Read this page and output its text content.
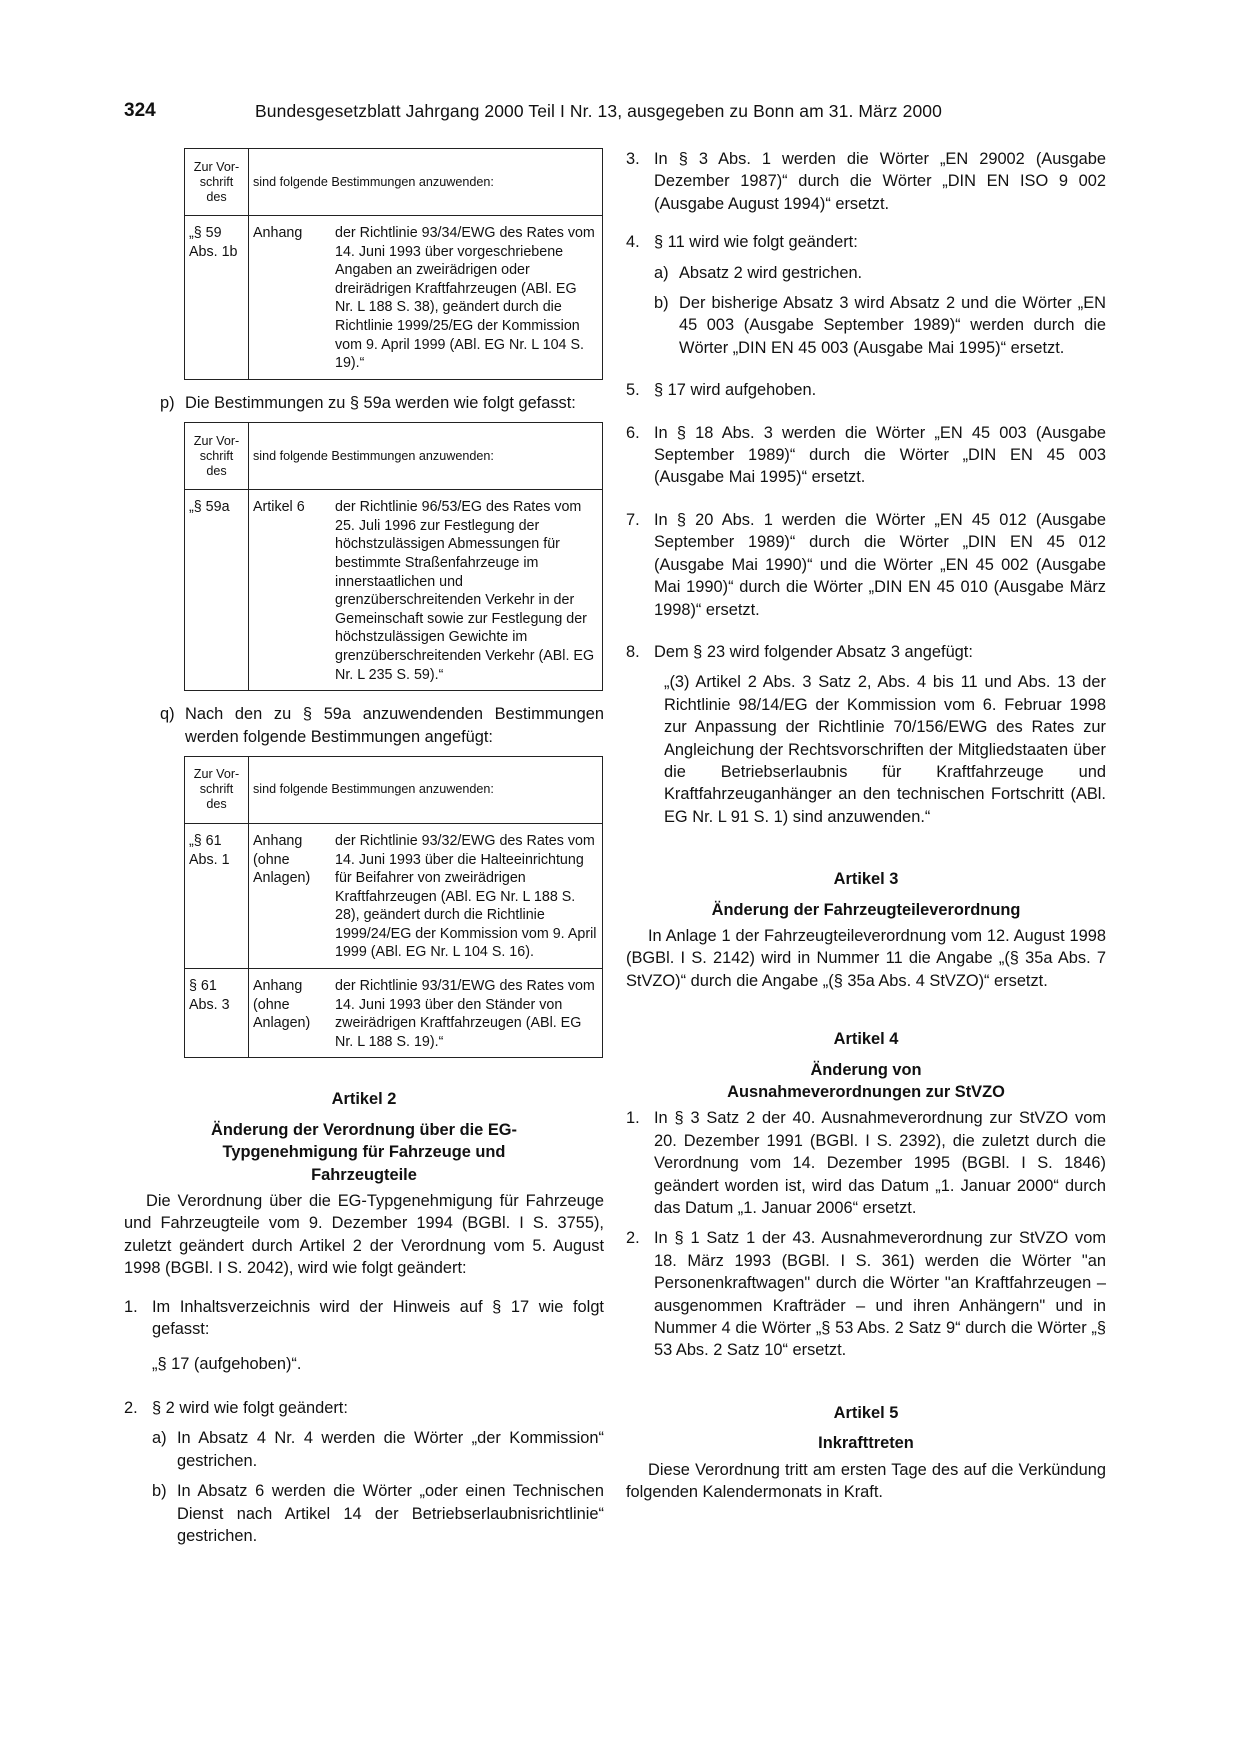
324	Bundesgesetzblatt Jahrgang 2000 Teil I Nr. 13, ausgegeben zu Bonn am 31. März 2000
Zur Vor- schrift des	sind folgende Bestimmungen anzuwenden:	
„§ 59 Abs. 1b	Anhang	der Richtlinie 93/34/EWG des Rates vom 14. Juni 1993 über vorgeschriebene Angaben an zweirädrigen oder dreirädrigen Kraftfahrzeugen (ABl. EG Nr. L 188 S. 38), geändert durch die Richtlinie 1999/25/EG der Kommission vom 9. April 1999 (ABl. EG Nr. L 104 S. 19).“
p) Die Bestimmungen zu § 59a werden wie folgt gefasst:
Zur Vor- schrift des	sind folgende Bestimmungen anzuwenden:	
„§ 59a	Artikel 6	der Richtlinie 96/53/EG des Rates vom 25. Juli 1996 zur Festlegung der höchstzulässigen Abmessungen für bestimmte Straßenfahrzeuge im innerstaatlichen und grenzüberschreitenden Verkehr in der Gemeinschaft sowie zur Festlegung der höchstzulässigen Gewichte im grenzüberschreitenden Verkehr (ABl. EG Nr. L 235 S. 59).“
q) Nach den zu § 59a anzuwendenden Bestimmungen werden folgende Bestimmungen angefügt:
Zur Vor- schrift des	sind folgende Bestimmungen anzuwenden:	
„§ 61 Abs. 1	Anhang (ohne Anlagen)	der Richtlinie 93/32/EWG des Rates vom 14. Juni 1993 über die Halteeinrichtung für Beifahrer von zweirädrigen Kraftfahrzeugen (ABl. EG Nr. L 188 S. 28), geändert durch die Richtlinie 1999/24/EG der Kommission vom 9. April 1999 (ABl. EG Nr. L 104 S. 16).
§ 61 Abs. 3	Anhang (ohne Anlagen)	der Richtlinie 93/31/EWG des Rates vom 14. Juni 1993 über den Ständer von zweirädrigen Kraftfahrzeugen (ABl. EG Nr. L 188 S. 19).“
Artikel 2
Änderung der Verordnung über die EG-Typgenehmigung für Fahrzeuge und Fahrzeugteile
Die Verordnung über die EG-Typgenehmigung für Fahrzeuge und Fahrzeugteile vom 9. Dezember 1994 (BGBl. I S. 3755), zuletzt geändert durch Artikel 2 der Verordnung vom 5. August 1998 (BGBl. I S. 2042), wird wie folgt geändert:
1. Im Inhaltsverzeichnis wird der Hinweis auf § 17 wie folgt gefasst:
„§ 17 (aufgehoben)“.
2. § 2 wird wie folgt geändert:
a) In Absatz 4 Nr. 4 werden die Wörter „der Kommission“ gestrichen.
b) In Absatz 6 werden die Wörter „oder einen Technischen Dienst nach Artikel 14 der Betriebserlaubnisrichtlinie“ gestrichen.
3. In § 3 Abs. 1 werden die Wörter „EN 29002 (Ausgabe Dezember 1987)“ durch die Wörter „DIN EN ISO 9 002 (Ausgabe August 1994)“ ersetzt.
4. § 11 wird wie folgt geändert:
a) Absatz 2 wird gestrichen.
b) Der bisherige Absatz 3 wird Absatz 2 und die Wörter „EN 45 003 (Ausgabe September 1989)“ werden durch die Wörter „DIN EN 45 003 (Ausgabe Mai 1995)“ ersetzt.
5. § 17 wird aufgehoben.
6. In § 18 Abs. 3 werden die Wörter „EN 45 003 (Ausgabe September 1989)“ durch die Wörter „DIN EN 45 003 (Ausgabe Mai 1995)“ ersetzt.
7. In § 20 Abs. 1 werden die Wörter „EN 45 012 (Ausgabe September 1989)“ durch die Wörter „DIN EN 45 012 (Ausgabe Mai 1990)“ und die Wörter „EN 45 002 (Ausgabe Mai 1990)“ durch die Wörter „DIN EN 45 010 (Ausgabe März 1998)“ ersetzt.
8. Dem § 23 wird folgender Absatz 3 angefügt:
„(3) Artikel 2 Abs. 3 Satz 2, Abs. 4 bis 11 und Abs. 13 der Richtlinie 98/14/EG der Kommission vom 6. Februar 1998 zur Anpassung der Richtlinie 70/156/EWG des Rates zur Angleichung der Rechtsvorschriften der Mitgliedstaaten über die Betriebserlaubnis für Kraftfahrzeuge und Kraftfahrzeuganhänger an den technischen Fortschritt (ABl. EG Nr. L 91 S. 1) sind anzuwenden.“
Artikel 3
Änderung der Fahrzeugteileverordnung
In Anlage 1 der Fahrzeugteileverordnung vom 12. August 1998 (BGBl. I S. 2142) wird in Nummer 11 die Angabe „(§ 35a Abs. 7 StVZO)“ durch die Angabe „(§ 35a Abs. 4 StVZO)“ ersetzt.
Artikel 4
Änderung von Ausnahmeverordnungen zur StVZO
1. In § 3 Satz 2 der 40. Ausnahmeverordnung zur StVZO vom 20. Dezember 1991 (BGBl. I S. 2392), die zuletzt durch die Verordnung vom 14. Dezember 1995 (BGBl. I S. 1846) geändert worden ist, wird das Datum „1. Januar 2000“ durch das Datum „1. Januar 2006“ ersetzt.
2. In § 1 Satz 1 der 43. Ausnahmeverordnung zur StVZO vom 18. März 1993 (BGBl. I S. 361) werden die Wörter "an Personenkraftwagen" durch die Wörter "an Kraftfahrzeugen – ausgenommen Krafträder – und ihren Anhängern" und in Nummer 4 die Wörter „§ 53 Abs. 2 Satz 9“ durch die Wörter „§ 53 Abs. 2 Satz 10“ ersetzt.
Artikel 5
Inkrafttreten
Diese Verordnung tritt am ersten Tage des auf die Verkündung folgenden Kalendermonats in Kraft.
